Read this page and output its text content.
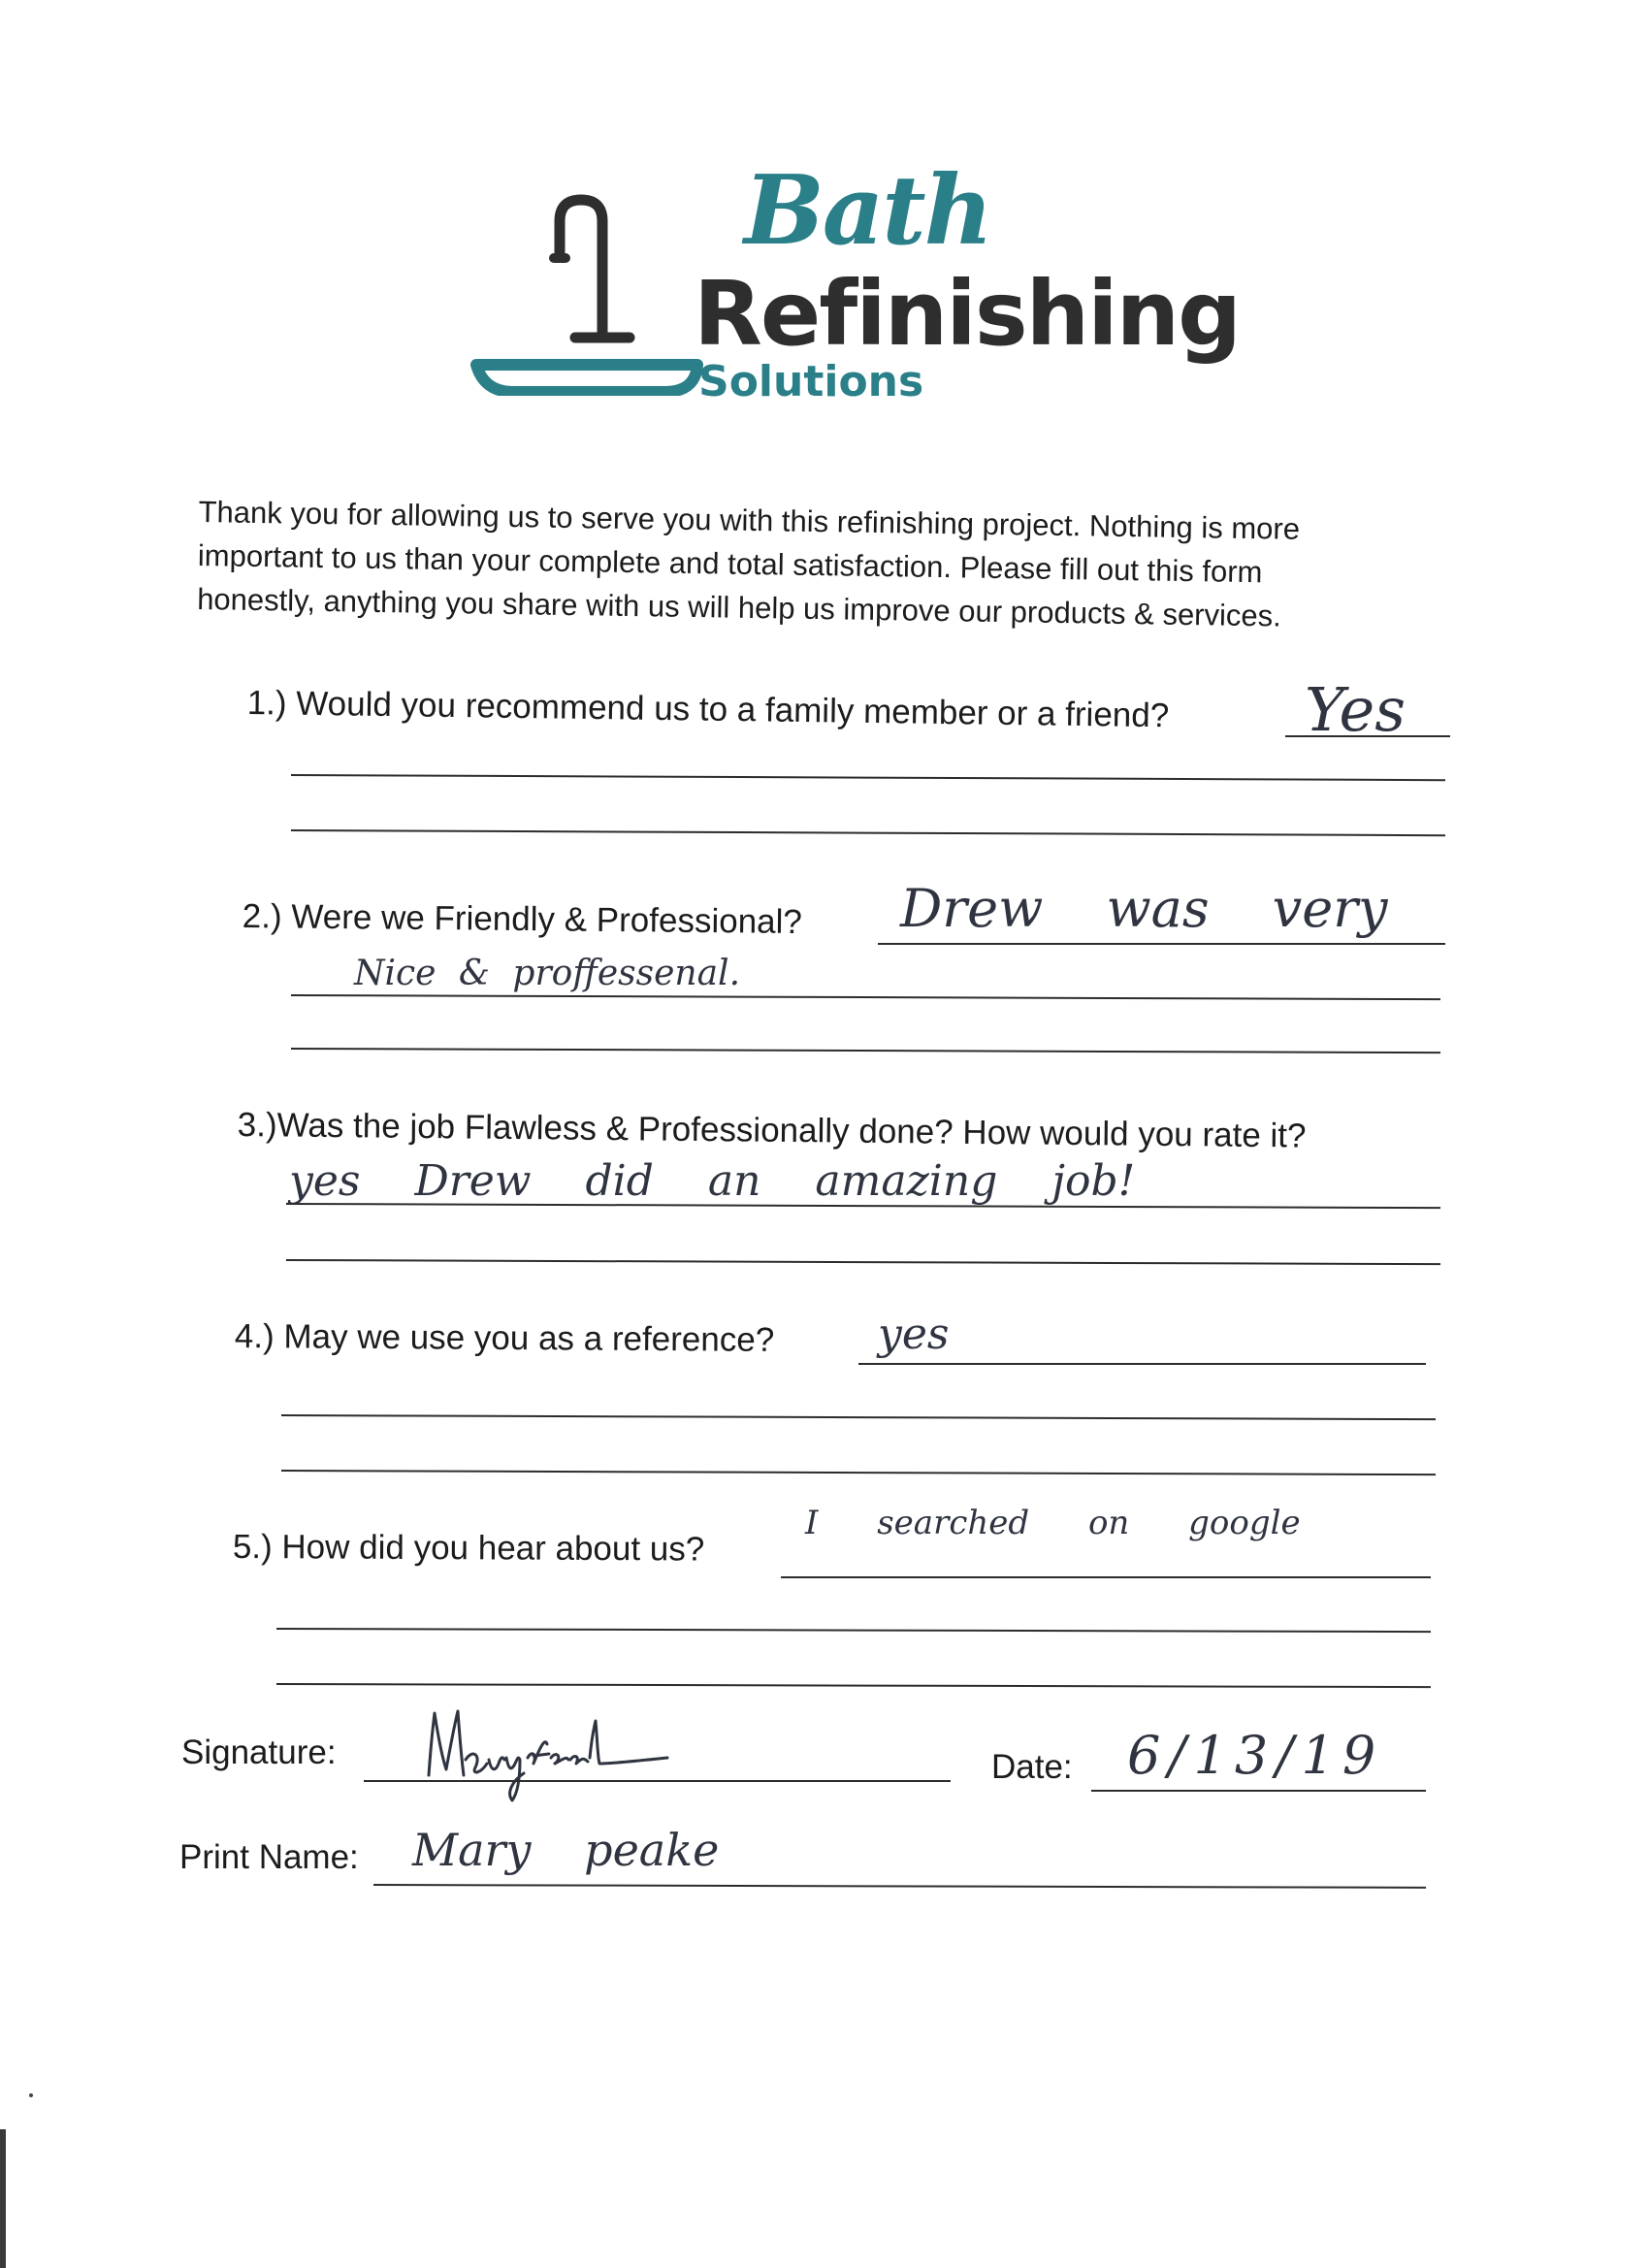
Bath
Refinishing
Solutions
Thank you for allowing us to serve you with this refinishing project. Nothing is more
important to us than your complete and total satisfaction. Please fill out this form
honestly, anything you share with us will help us improve our products & services.
1.) Would you recommend us to a family member or a friend? Yes
2.) Were we Friendly & Professional? Drew was very
Nice & proffessenal.
3.)Was the job Flawless & Professionally done? How would you rate it?
yes Drew did an amazing job!
4.) May we use you as a reference? yes
5.) How did you hear about us?
I searched on google
Signature:	Date: 6/13/19
Print Name: Mary peake
